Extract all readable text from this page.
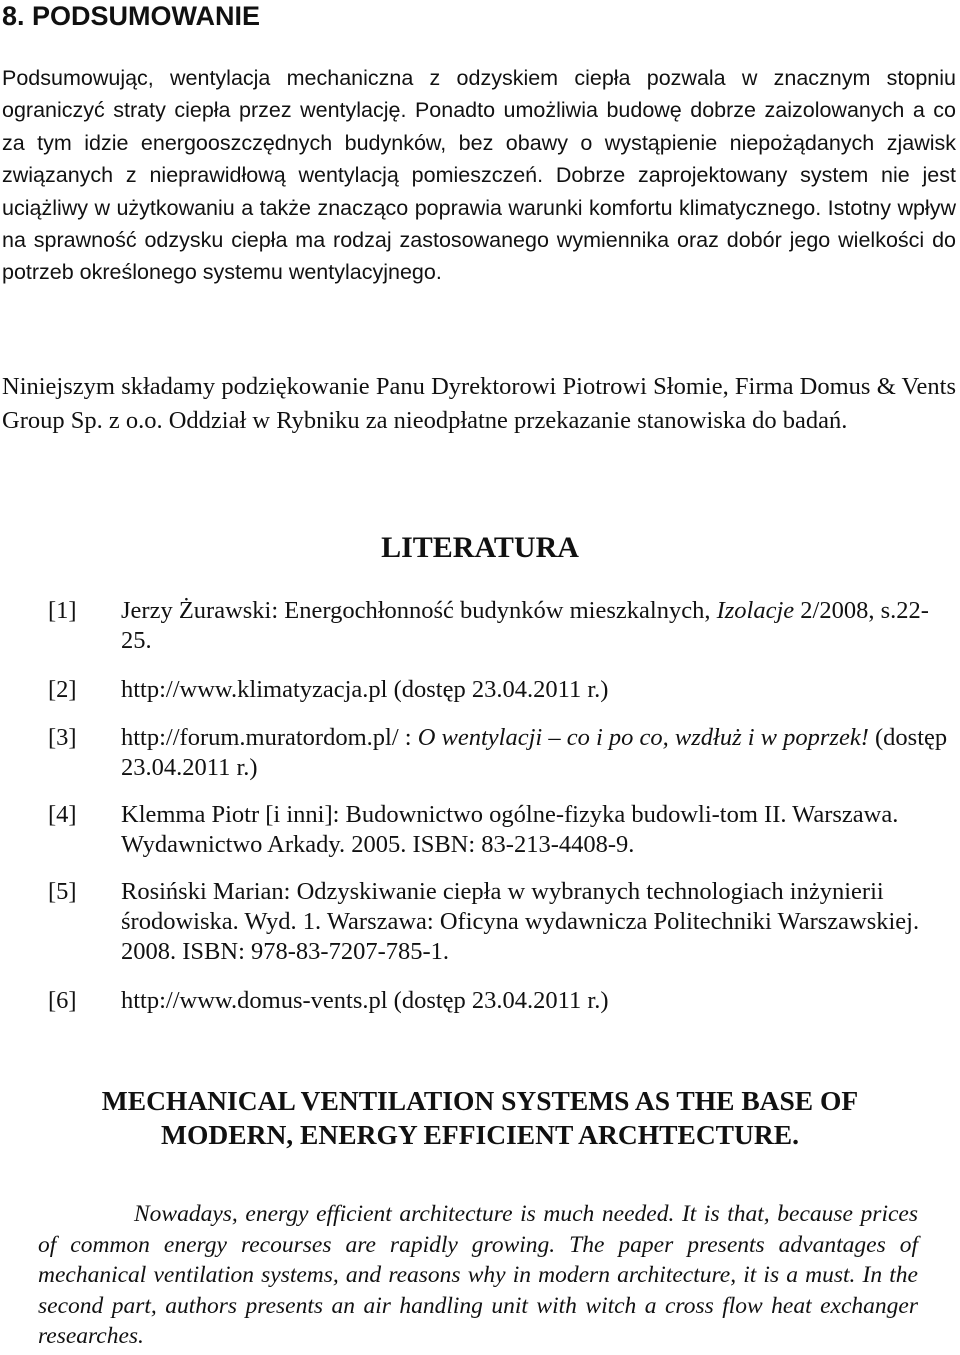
8. PODSUMOWANIE

Podsumowując, wentylacja mechaniczna z odzyskiem ciepła pozwala w znacznym stopniu ograniczyć straty ciepła przez wentylację. Ponadto umożliwia budowę dobrze zaizolowanych a co za tym idzie energooszczędnych budynków, bez obawy o wystąpienie niepożądanych zjawisk związanych z nieprawidłową wentylacją pomieszczeń. Dobrze zaprojektowany system nie jest uciążliwy w użytkowaniu a także znacząco poprawia warunki komfortu klimatycznego. Istotny wpływ na sprawność odzysku ciepła ma rodzaj zastosowanego wymiennika oraz dobór jego wielkości do potrzeb określonego systemu wentylacyjnego.

Niniejszym składamy podziękowanie Panu Dyrektorowi Piotrowi Słomie, Firma Domus & Vents Group Sp. z o.o. Oddział w Rybniku za nieodpłatne przekazanie stanowiska do badań.

LITERATURA
[1]	Jerzy Żurawski: Energochłonność budynków mieszkalnych, Izolacje 2/2008, s.22-25.
[2]	http://www.klimatyzacja.pl (dostęp 23.04.2011 r.)
[3]	http://forum.muratordom.pl/ : O wentylacji – co i po co, wzdłuż i w poprzek! (dostęp 23.04.2011 r.)
[4]	Klemma Piotr [i inni]: Budownictwo ogólne-fizyka budowli-tom II. Warszawa. Wydawnictwo Arkady. 2005. ISBN: 83-213-4408-9.
[5]	Rosiński Marian: Odzyskiwanie ciepła w wybranych technologiach inżynierii środowiska. Wyd. 1. Warszawa: Oficyna wydawnicza Politechniki Warszawskiej. 2008. ISBN: 978-83-7207-785-1.
[6]	http://www.domus-vents.pl (dostęp 23.04.2011 r.)
MECHANICAL VENTILATION SYSTEMS AS THE BASE OF
MODERN, ENERGY EFFICIENT ARCHTECTURE.

Nowadays, energy efficient architecture is much needed. It is that, because prices of common energy recourses are rapidly growing. The paper presents advantages of mechanical ventilation systems, and reasons why in modern architecture, it is a must. In the second part, authors presents an air handling unit with witch a cross flow heat exchanger researches.
